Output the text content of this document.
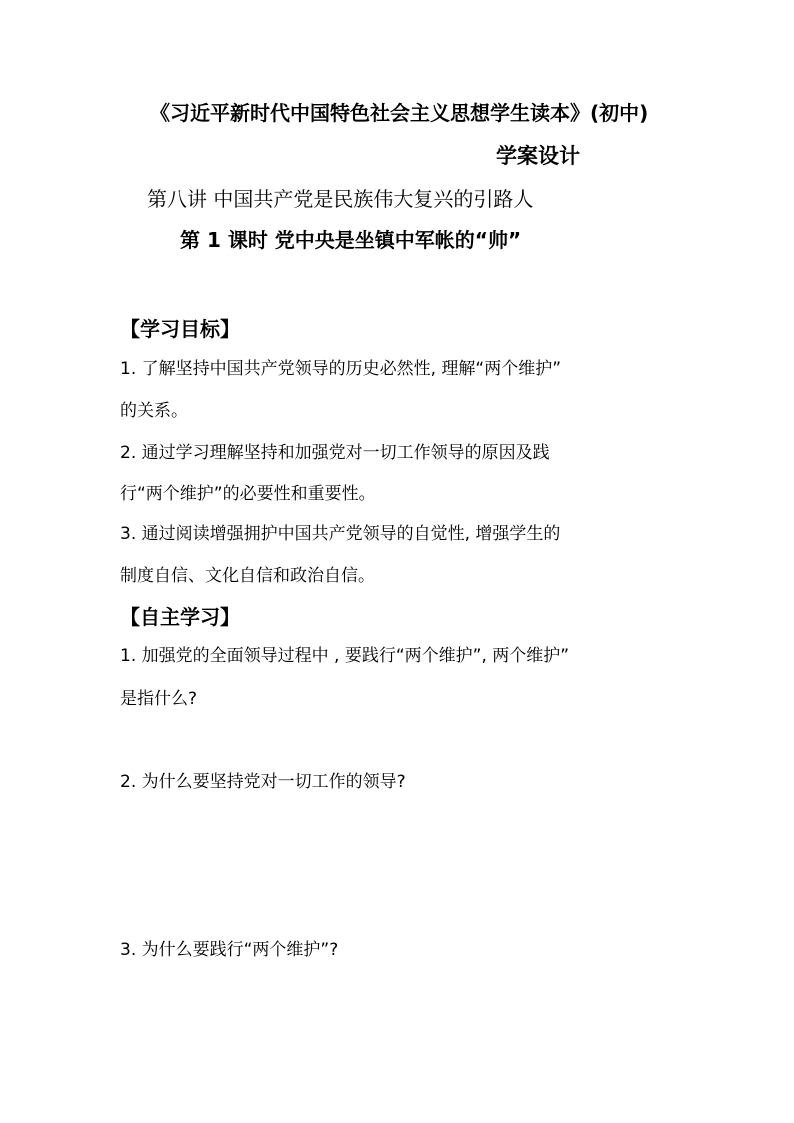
《习近平新时代中国特色社会主义思想学生读本》(初中)
学案设计
第八讲 中国共产党是民族伟大复兴的引路人
第 1 课时 党中央是坐镇中军帐的“帅”
【学习目标】
1. 了解坚持中国共产党领导的历史必然性, 理解“两个维护”
的关系。
2. 通过学习理解坚持和加强党对一切工作领导的原因及践
行“两个维护”的必要性和重要性。
3. 通过阅读增强拥护中国共产党领导的自觉性, 增强学生的
制度自信、文化自信和政治自信。
【自主学习】
1. 加强党的全面领导过程中 , 要践行“两个维护”, 两个维护”
是指什么?
2. 为什么要坚持党对一切工作的领导?
3. 为什么要践行“两个维护”?
